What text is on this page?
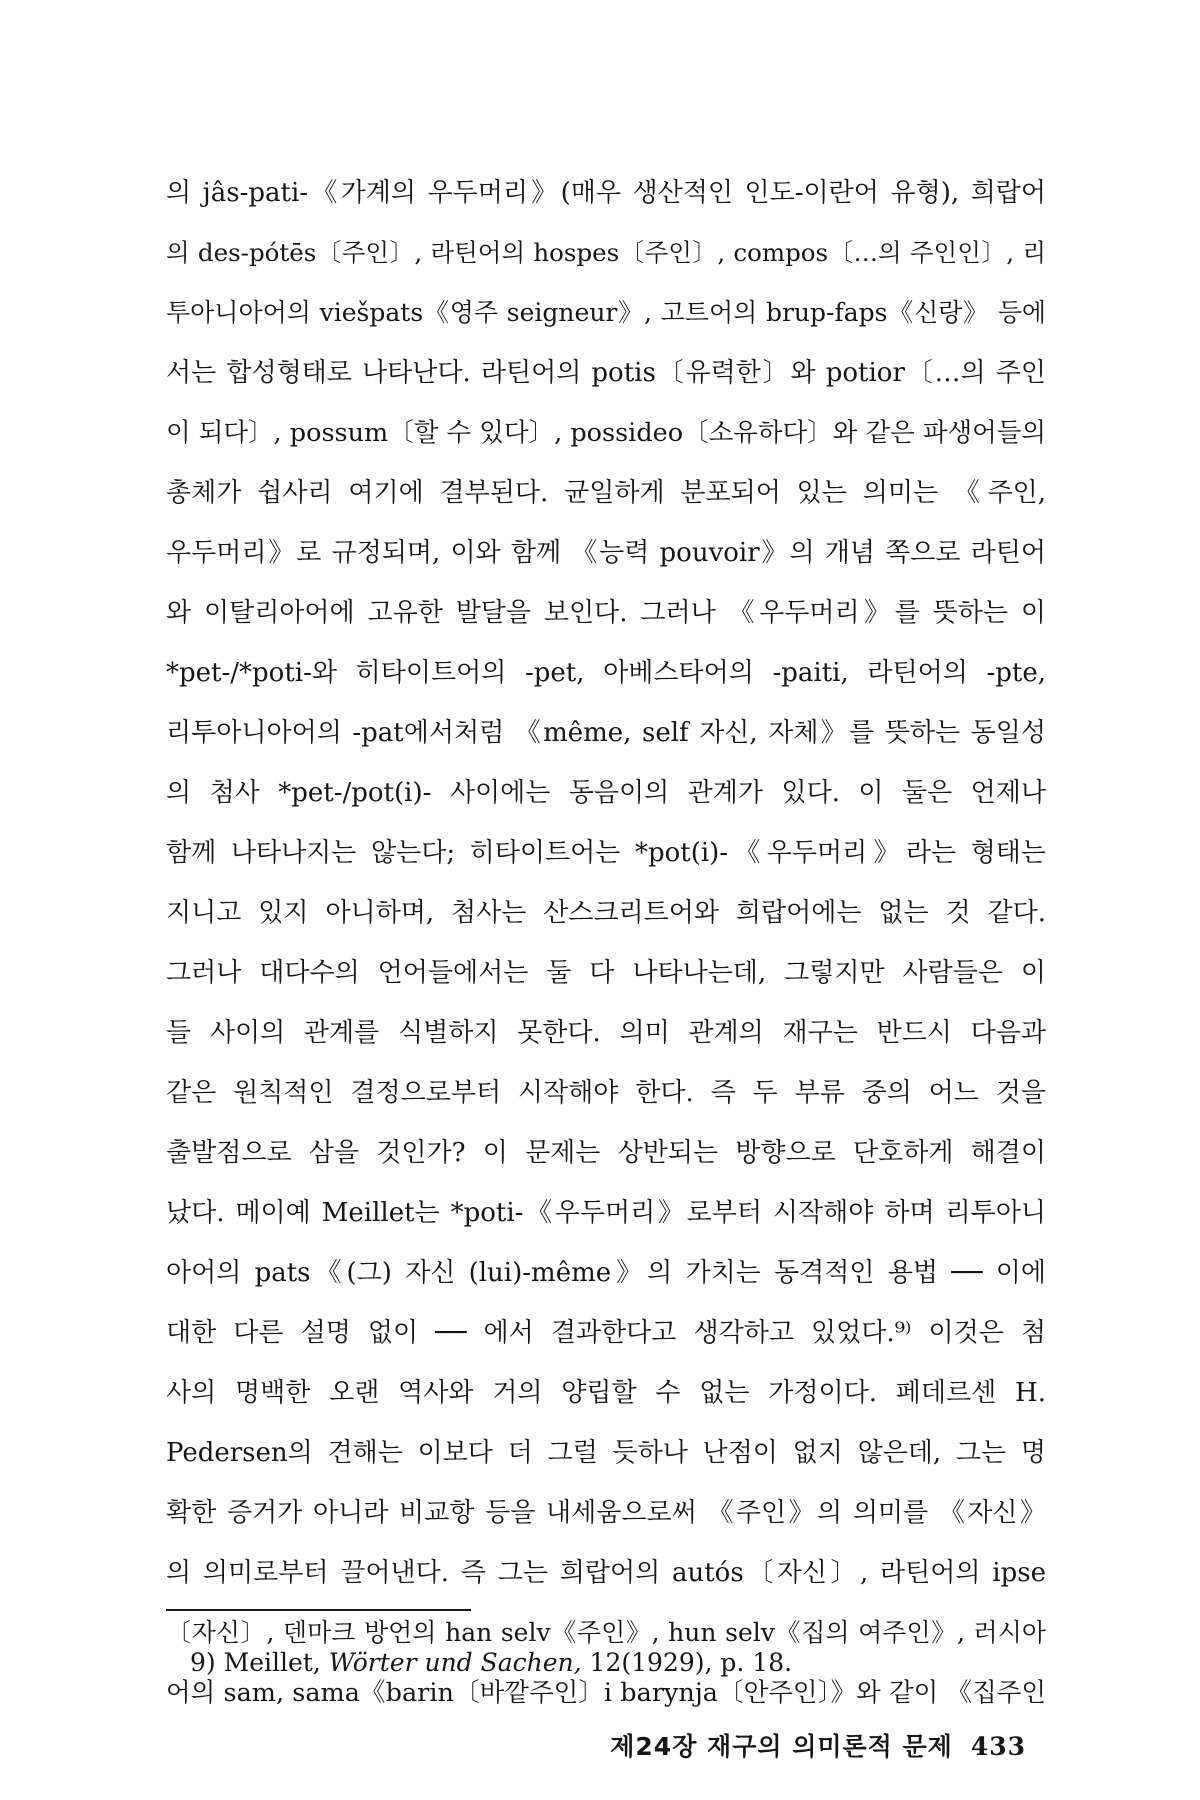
의 jâs-pati-《가계의 우두머리》(매우 생산적인 인도-이란어 유형), 희랍어
의 des-pótēs〔주인〕, 라틴어의 hospes〔주인〕, compos〔…의 주인인〕, 리
투아니아어의 viešpats《영주 seigneur》, 고트어의 brup-faps《신랑》 등에
서는 합성형태로 나타난다. 라틴어의 potis〔유력한〕와 potior〔…의 주인
이 되다〕, possum〔할 수 있다〕, possideo〔소유하다〕와 같은 파생어들의
총체가 쉽사리 여기에 결부된다. 균일하게 분포되어 있는 의미는 《주인,
우두머리》로 규정되며, 이와 함께 《능력 pouvoir》의 개념 쪽으로 라틴어
와 이탈리아어에 고유한 발달을 보인다. 그러나 《우두머리》를 뜻하는 이
*pet-/*poti-와 히타이트어의 -pet, 아베스타어의 -paiti, 라틴어의 -pte,
리투아니아어의 -pat에서처럼 《même, self 자신, 자체》를 뜻하는 동일성
의 첨사 *pet-/pot(i)- 사이에는 동음이의 관계가 있다. 이 둘은 언제나
함께 나타나지는 않는다; 히타이트어는 *pot(i)-《우두머리》라는 형태는
지니고 있지 아니하며, 첨사는 산스크리트어와 희랍어에는 없는 것 같다.
그러나 대다수의 언어들에서는 둘 다 나타나는데, 그렇지만 사람들은 이
들 사이의 관계를 식별하지 못한다. 의미 관계의 재구는 반드시 다음과
같은 원칙적인 결정으로부터 시작해야 한다. 즉 두 부류 중의 어느 것을
출발점으로 삼을 것인가? 이 문제는 상반되는 방향으로 단호하게 해결이
났다. 메이예 Meillet는 *poti-《우두머리》로부터 시작해야 하며 리투아니
아어의 pats《(그) 자신 (lui)-même》의 가치는 동격적인 용법 ── 이에
대한 다른 설명 없이 ── 에서 결과한다고 생각하고 있었다.⁹⁾ 이것은 첨
사의 명백한 오랜 역사와 거의 양립할 수 없는 가정이다. 페데르센 H.
Pedersen의 견해는 이보다 더 그럴 듯하나 난점이 없지 않은데, 그는 명
확한 증거가 아니라 비교항 등을 내세움으로써 《주인》의 의미를 《자신》
의 의미로부터 끌어낸다. 즉 그는 희랍어의 autós〔자신〕, 라틴어의 ipse
〔자신〕, 덴마크 방언의 han selv《주인》, hun selv《집의 여주인》, 러시아
어의 sam, sama《barin〔바깥주인〕i barynja〔안주인〕》와 같이 《집주인

9) Meillet, Wörter und Sachen, 12(1929), p. 18.

제24장 재구의 의미론적 문제 433
